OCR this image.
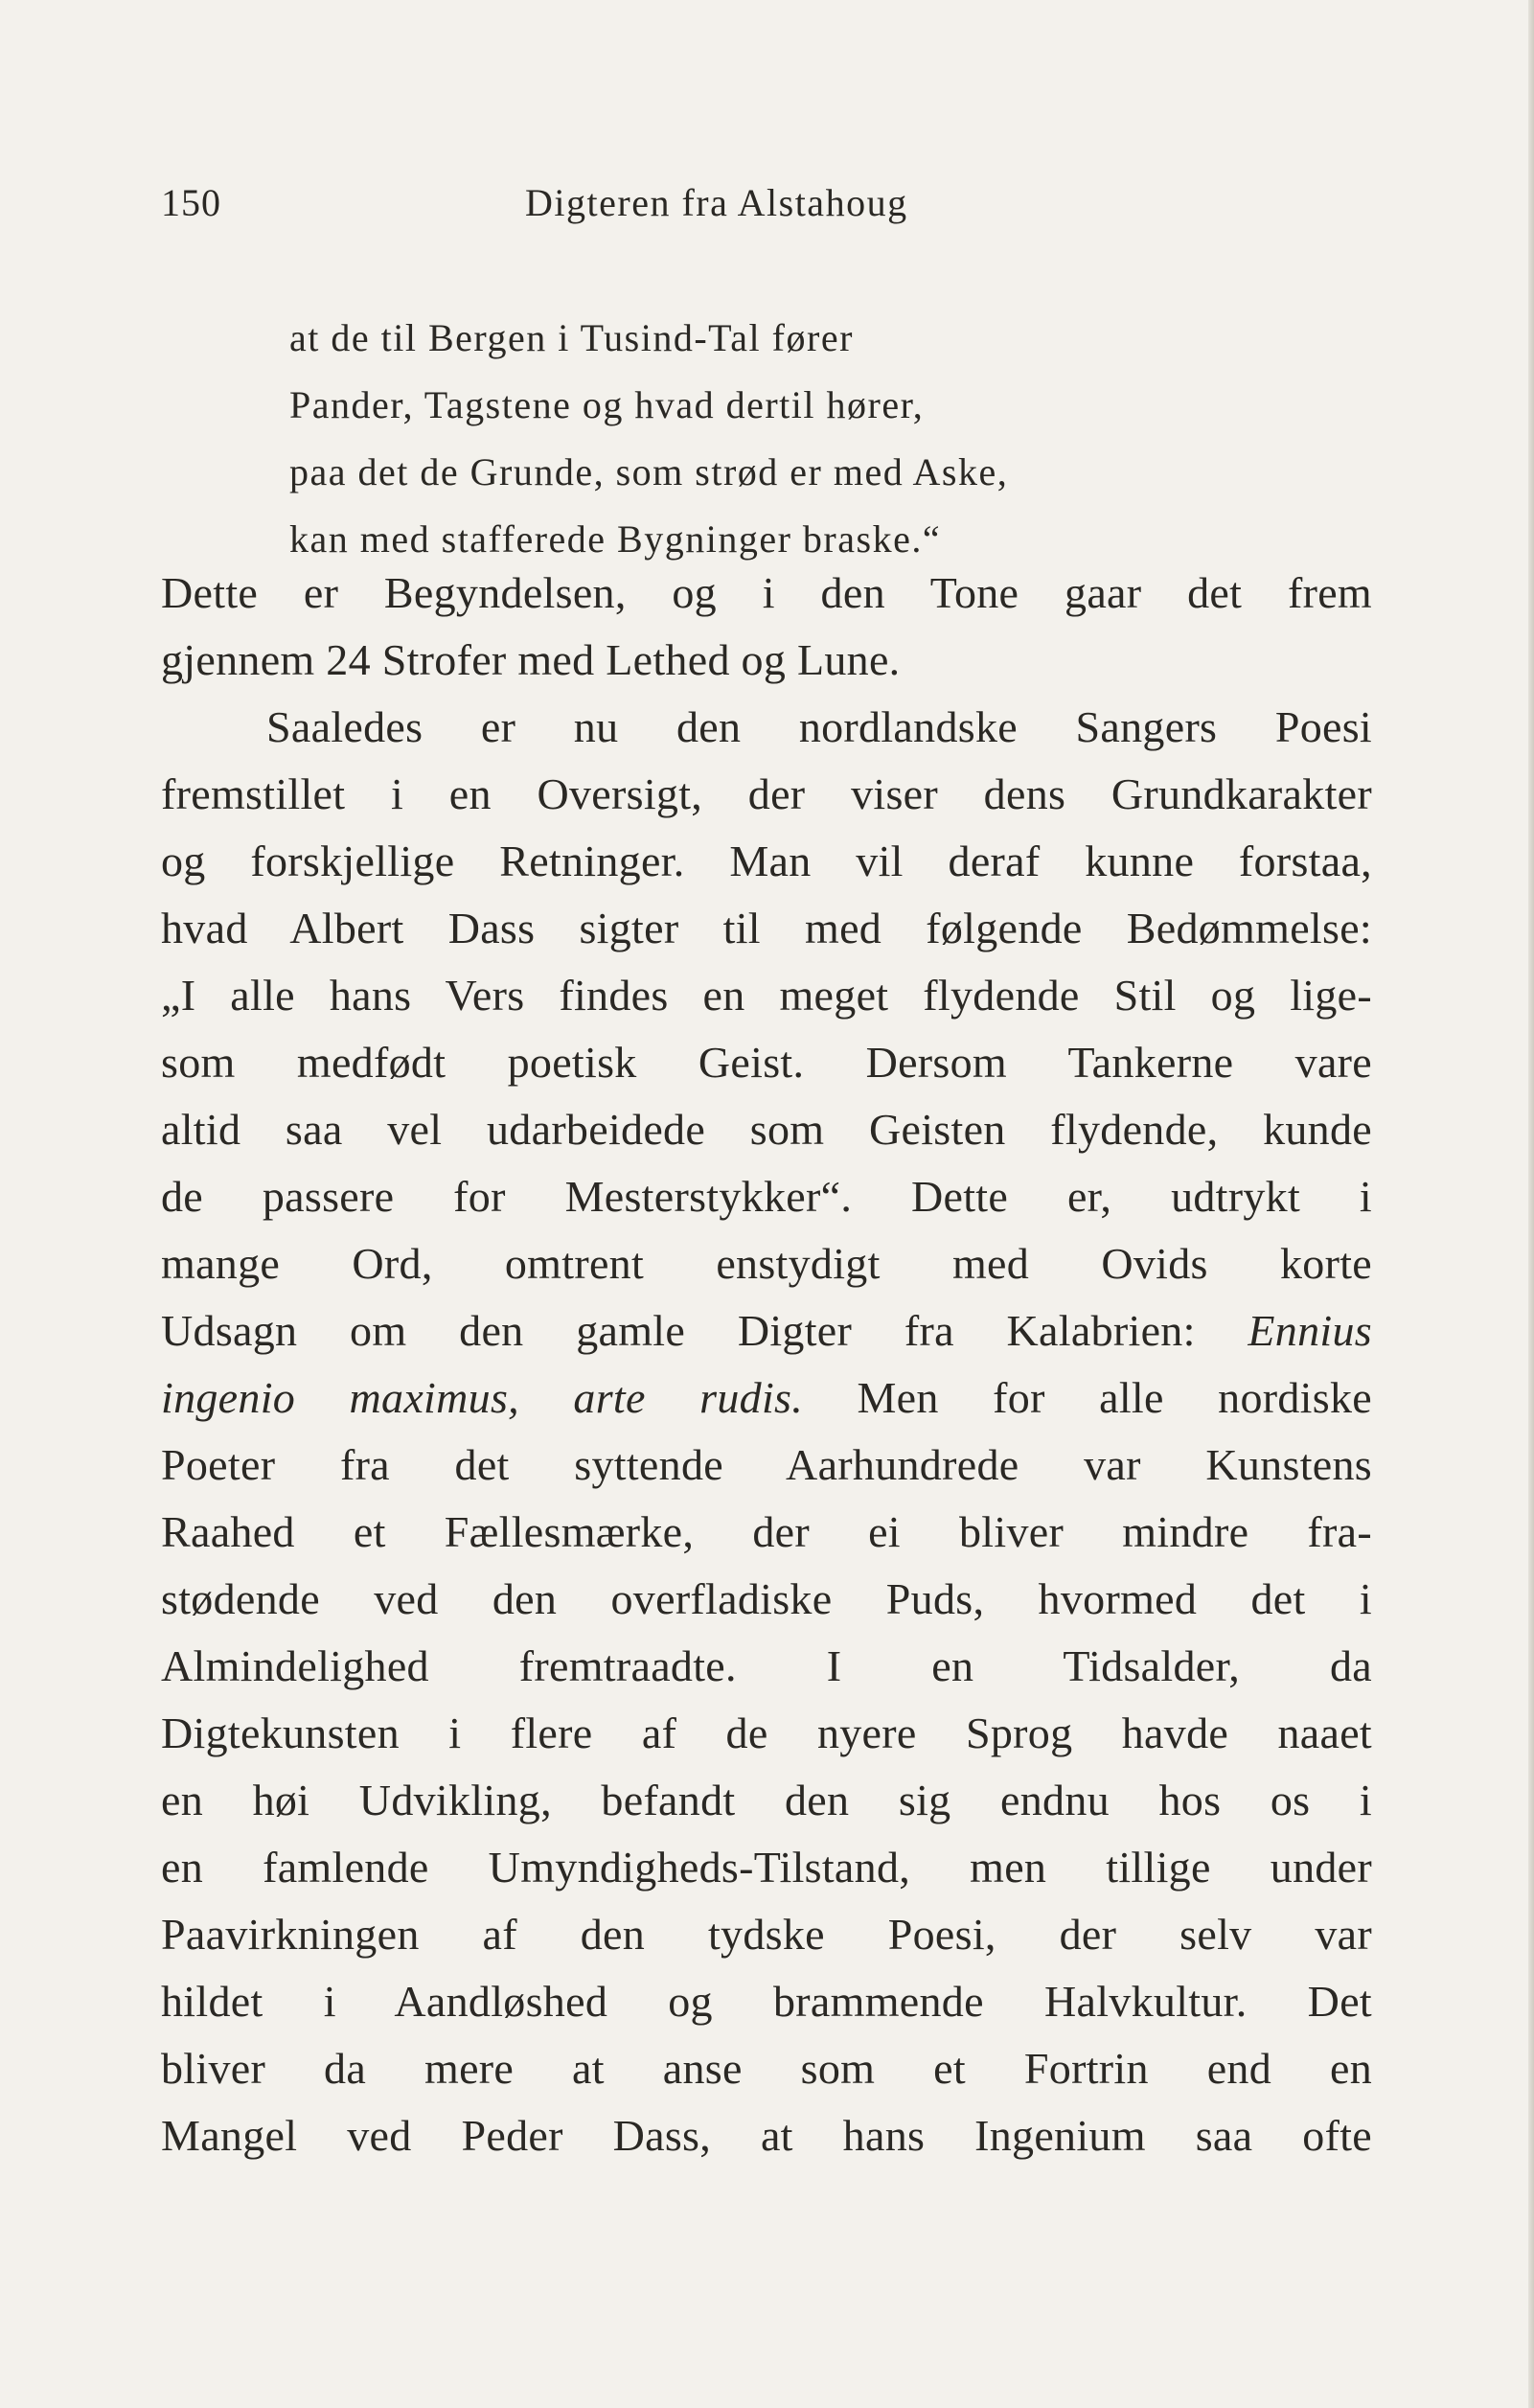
150	Digteren fra Alstahoug
at de til Bergen i Tusind-Tal fører
Pander, Tagstene og hvad dertil hører,
paa det de Grunde, som strød er med Aske,
kan med stafferede Bygninger braske.“
Dette er Begyndelsen, og i den Tone gaar det frem
gjennem 24 Strofer med Lethed og Lune.
Saaledes er nu den nordlandske Sangers Poesi
fremstillet i en Oversigt, der viser dens Grundkarakter
og forskjellige Retninger. Man vil deraf kunne forstaa,
hvad Albert Dass sigter til med følgende Bedømmelse:
„I alle hans Vers findes en meget flydende Stil og lige-
som medfødt poetisk Geist. Dersom Tankerne vare
altid saa vel udarbeidede som Geisten flydende, kunde
de passere for Mesterstykker“. Dette er, udtrykt i
mange Ord, omtrent enstydigt med Ovids korte
Udsagn om den gamle Digter fra Kalabrien: Ennius
ingenio maximus, arte rudis. Men for alle nordiske
Poeter fra det syttende Aarhundrede var Kunstens
Raahed et Fællesmærke, der ei bliver mindre fra-
stødende ved den overfladiske Puds, hvormed det i
Almindelighed fremtraadte. I en Tidsalder, da
Digtekunsten i flere af de nyere Sprog havde naaet
en høi Udvikling, befandt den sig endnu hos os i
en famlende Umyndigheds-Tilstand, men tillige under
Paavirkningen af den tydske Poesi, der selv var
hildet i Aandløshed og brammende Halvkultur. Det
bliver da mere at anse som et Fortrin end en
Mangel ved Peder Dass, at hans Ingenium saa ofte
